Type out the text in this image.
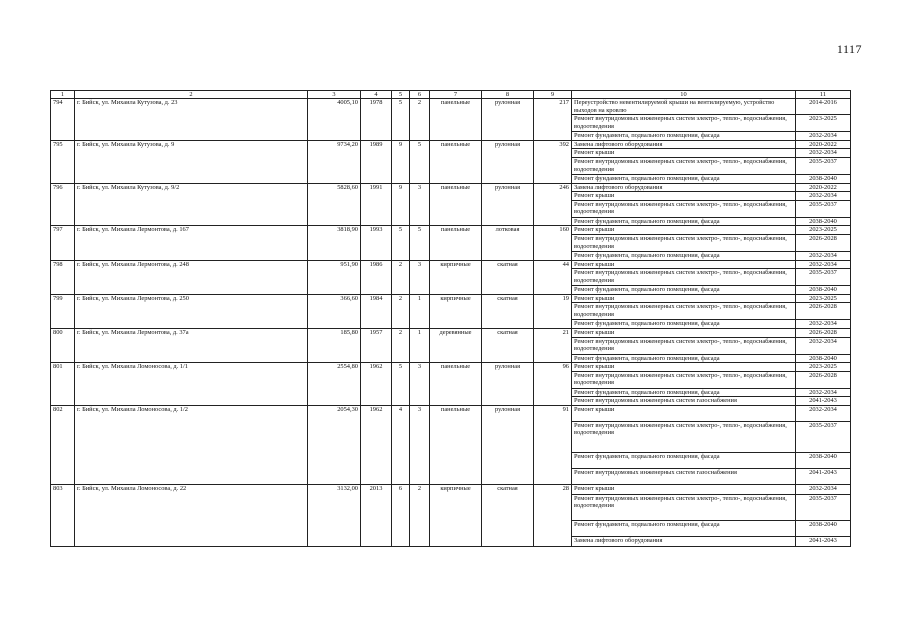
1117
1	2	3	4	5	6	7	8	9	10	11
794	г. Бийск, ул. Михаила Кутузова, д. 23	4005,10	1978	5	2	панельные	рулонная	217	Переустройство невентилируемой крыши на вентилируемую, устройство выходов на кровлю	2014-2016
									Ремонт внутридомовых инженерных систем электро-, тепло-, водоснабжения, водоотведения	2023-2025
									Ремонт фундамента, подвального помещения, фасада	2032-2034
795	г. Бийск, ул. Михаила Кутузова, д. 9	9734,20	1989	9	5	панельные	рулонная	392	Замена лифтового оборудования	2020-2022
									Ремонт крыши	2032-2034
									Ремонт внутридомовых инженерных систем электро-, тепло-, водоснабжения, водоотведения	2035-2037
									Ремонт фундамента, подвального помещения, фасада	2038-2040
796	г. Бийск, ул. Михаила Кутузова, д. 9/2	5828,60	1991	9	3	панельные	рулонная	246	Замена лифтового оборудования	2020-2022
									Ремонт крыши	2032-2034
									Ремонт внутридомовых инженерных систем электро-, тепло-, водоснабжения, водоотведения	2035-2037
									Ремонт фундамента, подвального помещения, фасада	2038-2040
797	г. Бийск, ул. Михаила Лермонтова, д. 167	3818,90	1993	5	5	панельные	лотковая	160	Ремонт крыши	2023-2025
									Ремонт внутридомовых инженерных систем электро-, тепло-, водоснабжения, водоотведения	2026-2028
									Ремонт фундамента, подвального помещения, фасада	2032-2034
798	г. Бийск, ул. Михаила Лермонтова, д. 248	951,90	1986	2	3	кирпичные	скатная	44	Ремонт крыши	2032-2034
									Ремонт внутридомовых инженерных систем электро-, тепло-, водоснабжения, водоотведения	2035-2037
									Ремонт фундамента, подвального помещения, фасада	2038-2040
799	г. Бийск, ул. Михаила Лермонтова, д. 250	366,60	1984	2	1	кирпичные	скатная	19	Ремонт крыши	2023-2025
									Ремонт внутридомовых инженерных систем электро-, тепло-, водоснабжения, водоотведения	2026-2028
									Ремонт фундамента, подвального помещения, фасада	2032-2034
800	г. Бийск, ул. Михаила Лермонтова, д. 37а	185,80	1957	2	1	деревянные	скатная	21	Ремонт крыши	2026-2028
									Ремонт внутридомовых инженерных систем электро-, тепло-, водоснабжения, водоотведения	2032-2034
									Ремонт фундамента, подвального помещения, фасада	2038-2040
801	г. Бийск, ул. Михаила Ломоносова, д. 1/1	2554,80	1962	5	3	панельные	рулонная	96	Ремонт крыши	2023-2025
									Ремонт внутридомовых инженерных систем электро-, тепло-, водоснабжения, водоотведения	2026-2028
									Ремонт фундамента, подвального помещения, фасада	2032-2034
									Ремонт внутридомовых инженерных систем газоснабжения	2041-2043
802	г. Бийск, ул. Михаила Ломоносова, д. 1/2	2054,30	1962	4	3	панельные	рулонная	91	Ремонт крыши	2032-2034
									Ремонт внутридомовых инженерных систем электро-, тепло-, водоснабжения, водоотведения	2035-2037
									Ремонт фундамента, подвального помещения, фасада	2038-2040
									Ремонт внутридомовых инженерных систем газоснабжения	2041-2043
803	г. Бийск, ул. Михаила Ломоносова, д. 22	3132,00	2013	6	2	кирпичные	скатная	28	Ремонт крыши	2032-2034
									Ремонт внутридомовых инженерных систем электро-, тепло-, водоснабжения, водоотведения	2035-2037
									Ремонт фундамента, подвального помещения, фасада	2038-2040
									Замена лифтового оборудования	2041-2043
